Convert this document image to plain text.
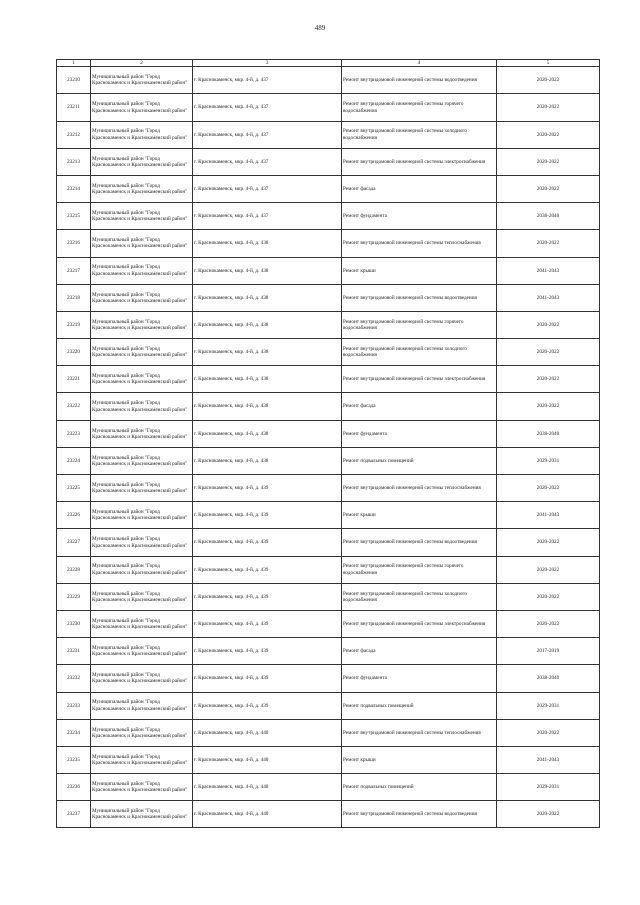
489
1	2	3	4	5
23210	Муниципальный район "Город Краснокаменск и Краснокаменский район"	г. Краснокаменск, мкр. 4-й, д. 437	Ремонт внутридомовой инженерной системы водоотведения	2020-2022
23211	Муниципальный район "Город Краснокаменск и Краснокаменский район"	г. Краснокаменск, мкр. 4-й, д. 437	Ремонт внутридомовой инженерной системы горячего водоснабжения	2020-2022
23212	Муниципальный район "Город Краснокаменск и Краснокаменский район"	г. Краснокаменск, мкр. 4-й, д. 437	Ремонт внутридомовой инженерной системы холодного водоснабжения	2020-2022
23213	Муниципальный район "Город Краснокаменск и Краснокаменский район"	г. Краснокаменск, мкр. 4-й, д. 437	Ремонт внутридомовой инженерной системы электроснабжения	2020-2022
23214	Муниципальный район "Город Краснокаменск и Краснокаменский район"	г. Краснокаменск, мкр. 4-й, д. 437	Ремонт фасада	2020-2022
23215	Муниципальный район "Город Краснокаменск и Краснокаменский район"	г. Краснокаменск, мкр. 4-й, д. 437	Ремонт фундамента	2038-2040
23216	Муниципальный район "Город Краснокаменск и Краснокаменский район"	г. Краснокаменск, мкр. 4-й, д. 438	Ремонт внутридомовой инженерной системы теплоснабжения	2020-2022
23217	Муниципальный район "Город Краснокаменск и Краснокаменский район"	г. Краснокаменск, мкр. 4-й, д. 438	Ремонт крыши	2041-2043
23218	Муниципальный район "Город Краснокаменск и Краснокаменский район"	г. Краснокаменск, мкр. 4-й, д. 438	Ремонт внутридомовой инженерной системы водоотведения	2041-2043
23219	Муниципальный район "Город Краснокаменск и Краснокаменский район"	г. Краснокаменск, мкр. 4-й, д. 438	Ремонт внутридомовой инженерной системы горячего водоснабжения	2020-2022
23220	Муниципальный район "Город Краснокаменск и Краснокаменский район"	г. Краснокаменск, мкр. 4-й, д. 438	Ремонт внутридомовой инженерной системы холодного водоснабжения	2020-2022
23221	Муниципальный район "Город Краснокаменск и Краснокаменский район"	г. Краснокаменск, мкр. 4-й, д. 438	Ремонт внутридомовой инженерной системы электроснабжения	2020-2022
23222	Муниципальный район "Город Краснокаменск и Краснокаменский район"	г. Краснокаменск, мкр. 4-й, д. 438	Ремонт фасада	2020-2022
23223	Муниципальный район "Город Краснокаменск и Краснокаменский район"	г. Краснокаменск, мкр. 4-й, д. 438	Ремонт фундамента	2038-2040
23224	Муниципальный район "Город Краснокаменск и Краснокаменский район"	г. Краснокаменск, мкр. 4-й, д. 438	Ремонт подвальных помещений	2029-2031
23225	Муниципальный район "Город Краснокаменск и Краснокаменский район"	г. Краснокаменск, мкр. 4-й, д. 439	Ремонт внутридомовой инженерной системы теплоснабжения	2020-2022
23226	Муниципальный район "Город Краснокаменск и Краснокаменский район"	г. Краснокаменск, мкр. 4-й, д. 439	Ремонт крыши	2041-2043
23227	Муниципальный район "Город Краснокаменск и Краснокаменский район"	г. Краснокаменск, мкр. 4-й, д. 439	Ремонт внутридомовой инженерной системы водоотведения	2020-2022
23228	Муниципальный район "Город Краснокаменск и Краснокаменский район"	г. Краснокаменск, мкр. 4-й, д. 439	Ремонт внутридомовой инженерной системы горячего водоснабжения	2020-2022
23229	Муниципальный район "Город Краснокаменск и Краснокаменский район"	г. Краснокаменск, мкр. 4-й, д. 439	Ремонт внутридомовой инженерной системы холодного водоснабжения	2020-2022
23230	Муниципальный район "Город Краснокаменск и Краснокаменский район"	г. Краснокаменск, мкр. 4-й, д. 439	Ремонт внутридомовой инженерной системы электроснабжения	2020-2022
23231	Муниципальный район "Город Краснокаменск и Краснокаменский район"	г. Краснокаменск, мкр. 4-й, д. 439	Ремонт фасада	2017-2019
23232	Муниципальный район "Город Краснокаменск и Краснокаменский район"	г. Краснокаменск, мкр. 4-й, д. 439	Ремонт фундамента	2038-2040
23233	Муниципальный район "Город Краснокаменск и Краснокаменский район"	г. Краснокаменск, мкр. 4-й, д. 439	Ремонт подвальных помещений	2029-2031
23234	Муниципальный район "Город Краснокаменск и Краснокаменский район"	г. Краснокаменск, мкр. 4-й, д. 440	Ремонт внутридомовой инженерной системы теплоснабжения	2020-2022
23235	Муниципальный район "Город Краснокаменск и Краснокаменский район"	г. Краснокаменск, мкр. 4-й, д. 440	Ремонт крыши	2041-2043
23236	Муниципальный район "Город Краснокаменск и Краснокаменский район"	г. Краснокаменск, мкр. 4-й, д. 440	Ремонт подвальных помещений	2029-2031
23237	Муниципальный район "Город Краснокаменск и Краснокаменский район"	г. Краснокаменск, мкр. 4-й, д. 440	Ремонт внутридомовой инженерной системы водоотведения	2020-2022
